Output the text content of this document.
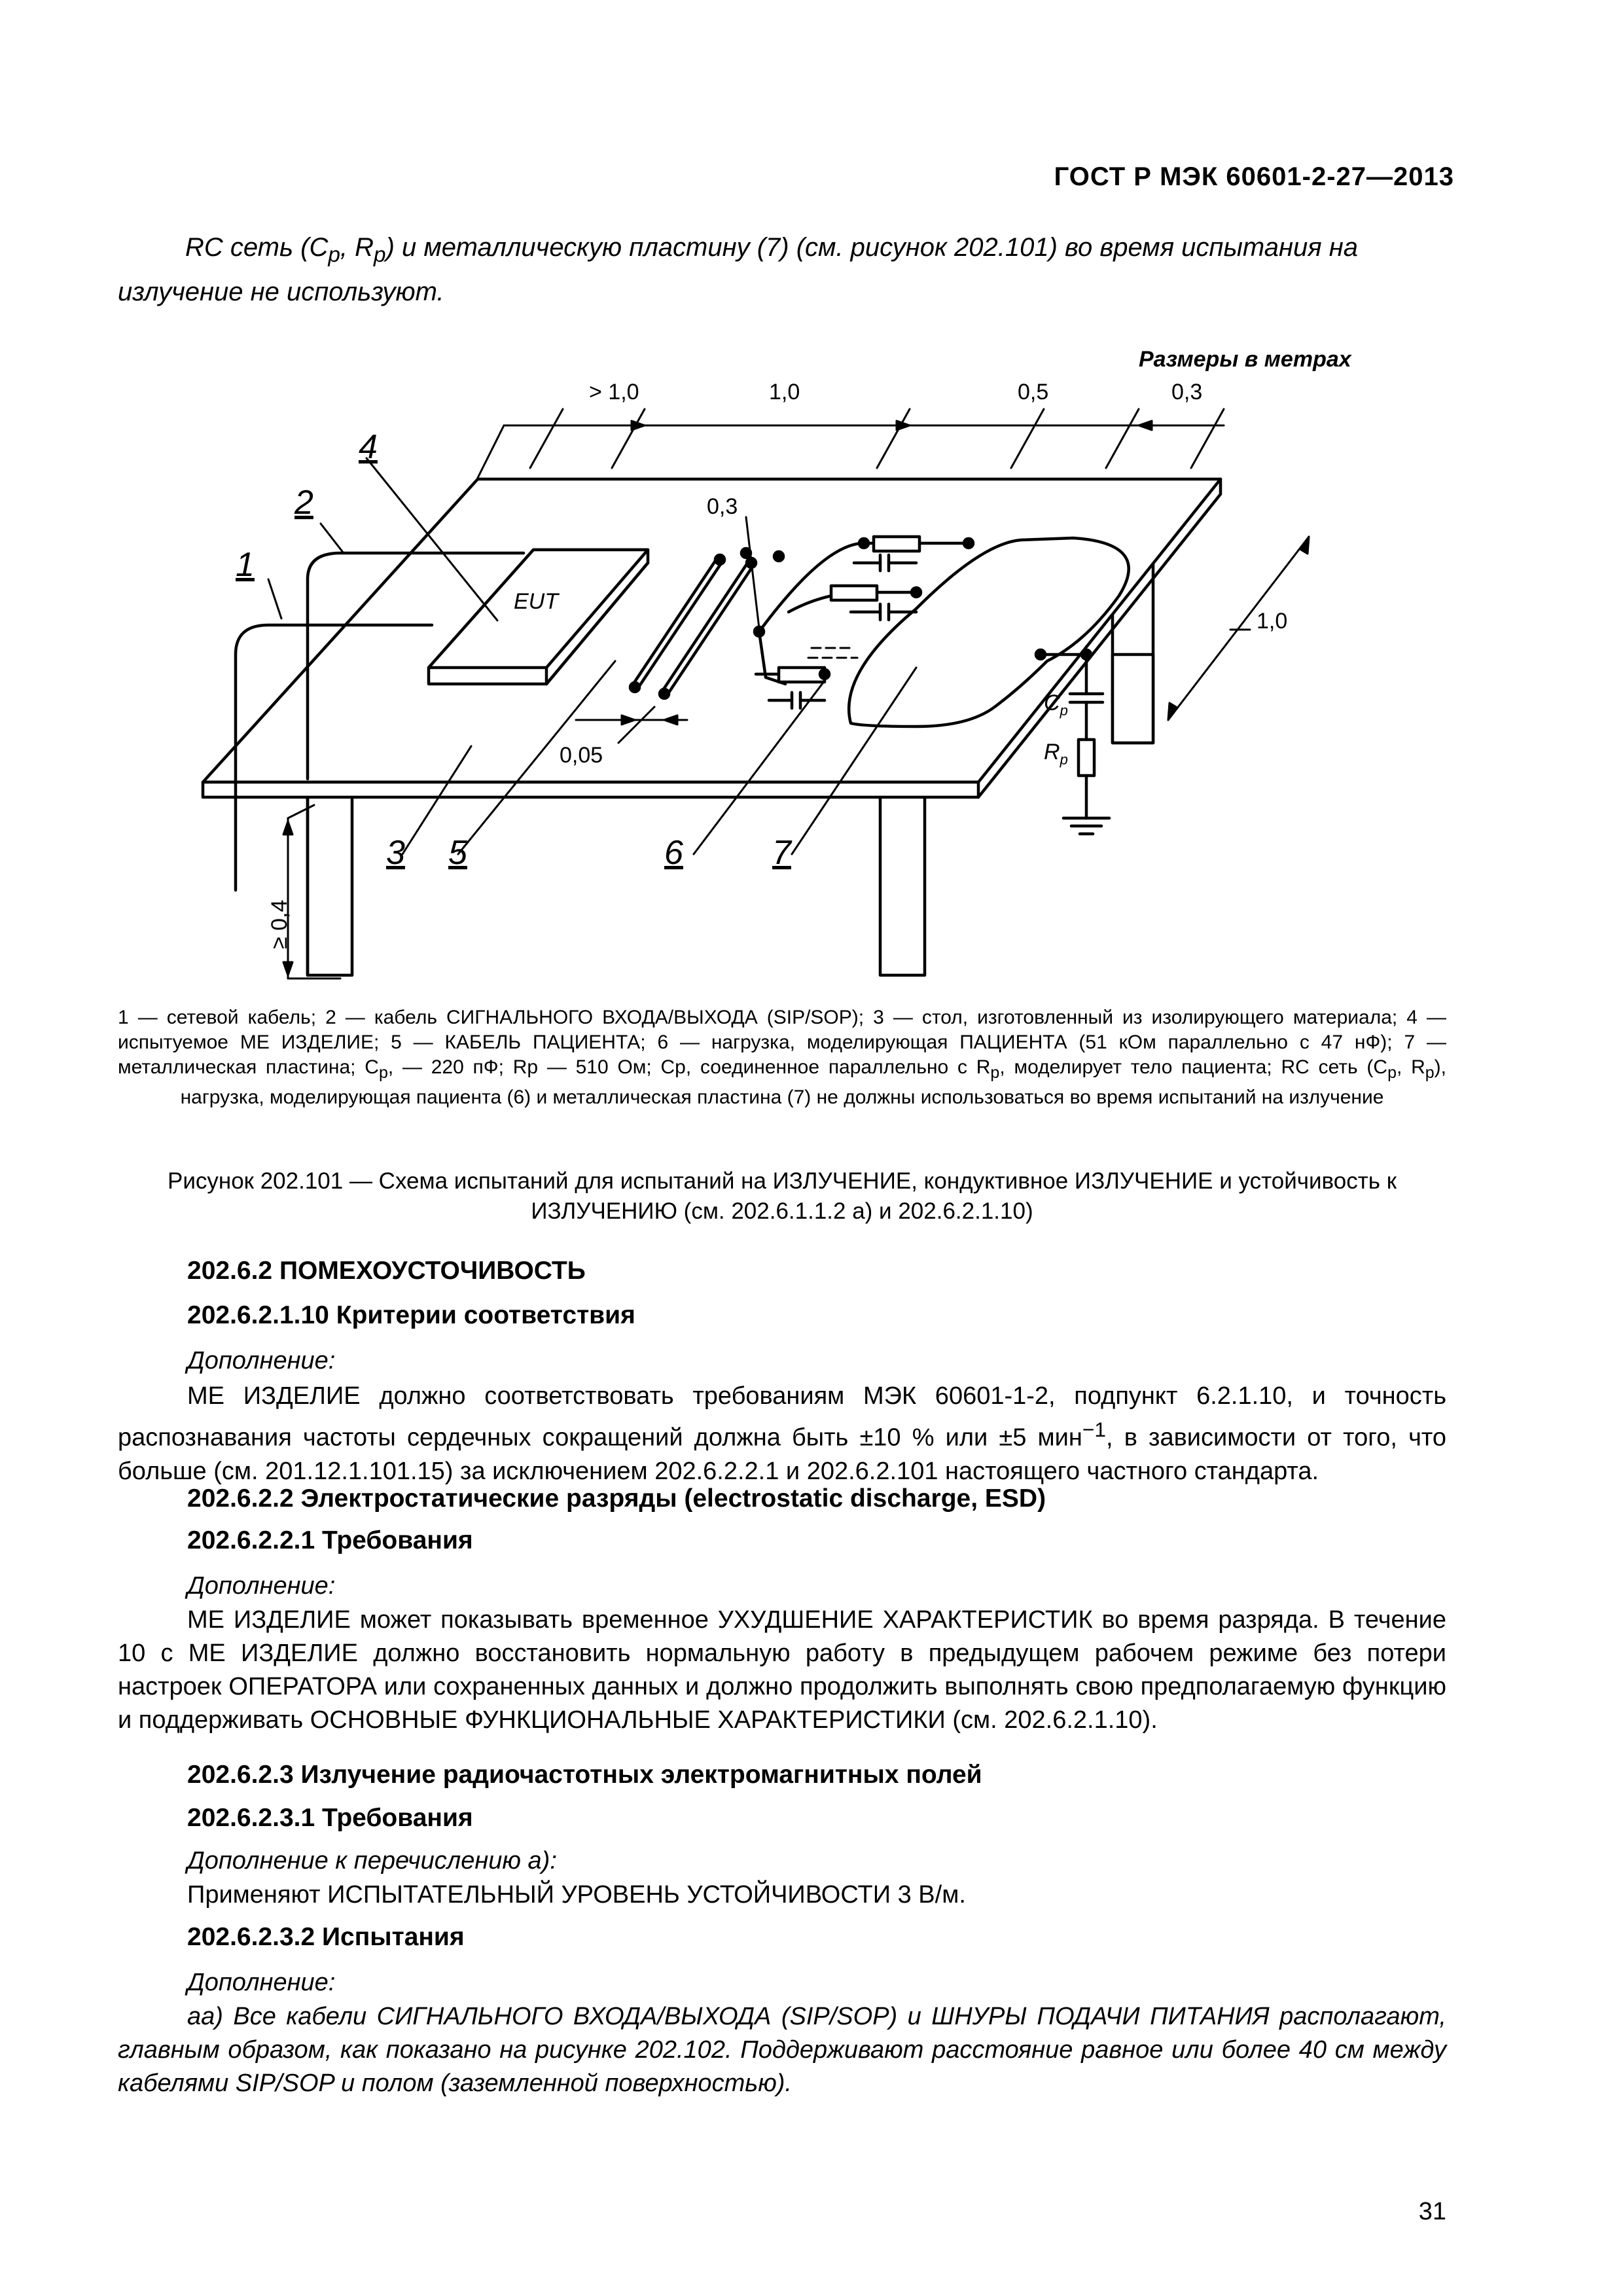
ГОСТ Р МЭК 60601-2-27—2013
RC сеть ($C_p$, $R_p$) и металлическую пластину (7) (см. рисунок 202.101) во время испытания на излучение не используют.
Размеры в метрах
> 1,0	1,0	0,5	0,3
1,0
0,3
0,05
≥ 0,4
EUT
$C_p$
$R_p$
1
2
3
4
5	6	7
1 — сетевой кабель; 2 — кабель СИГНАЛЬНОГО ВХОДА/ВЫХОДА (SIP/SOP); 3 — стол, изготовленный из изолирующего материала; 4 — испытуемое МЕ ИЗДЕЛИЕ; 5 — КАБЕЛЬ ПАЦИЕНТА; 6 — нагрузка, моделирующая ПАЦИЕНТА (51 кОм параллельно с 47 нФ); 7 — металлическая пластина; $C_p$, — 220 пФ; Rp — 510 Ом; Cp, соединенное параллельно с $R_p$, моделирует тело пациента; RC сеть ($C_p$, $R_p$), нагрузка, моделирующая пациента (6) и металлическая пластина (7) не должны использоваться во время испытаний на излучение
Рисунок 202.101 — Схема испытаний для испытаний на ИЗЛУЧЕНИЕ, кондуктивное ИЗЛУЧЕНИЕ и устойчивость к ИЗЛУЧЕНИЮ (см. 202.6.1.1.2 а) и 202.6.2.1.10)
202.6.2 ПОМЕХОУСТОЧИВОСТЬ
202.6.2.1.10 Критерии соответствия
Дополнение:
МЕ ИЗДЕЛИЕ должно соответствовать требованиям МЭК 60601-1-2, подпункт 6.2.1.10, и точность распознавания частоты сердечных сокращений должна быть ±10 % или ±5 мин$^{-1}$, в зависимости от того, что больше (см. 201.12.1.101.15) за исключением 202.6.2.2.1 и 202.6.2.101 настоящего частного стандарта.
202.6.2.2 Электростатические разряды (electrostatic discharge, ESD)
202.6.2.2.1 Требования
Дополнение:
МЕ ИЗДЕЛИЕ может показывать временное УХУДШЕНИЕ ХАРАКТЕРИСТИК во время разряда. В течение 10 с МЕ ИЗДЕЛИЕ должно восстановить нормальную работу в предыдущем рабочем режиме без потери настроек ОПЕРАТОРА или сохраненных данных и должно продолжить выполнять свою предполагаемую функцию и поддерживать ОСНОВНЫЕ ФУНКЦИОНАЛЬНЫЕ ХАРАКТЕРИСТИКИ (см. 202.6.2.1.10).
202.6.2.3 Излучение радиочастотных электромагнитных полей
202.6.2.3.1 Требования
Дополнение к перечислению а):
Применяют ИСПЫТАТЕЛЬНЫЙ УРОВЕНЬ УСТОЙЧИВОСТИ 3 В/м.
202.6.2.3.2 Испытания
Дополнение:
аа) Все кабели СИГНАЛЬНОГО ВХОДА/ВЫХОДА (SIP/SOP) и ШНУРЫ ПОДАЧИ ПИТАНИЯ располагают, главным образом, как показано на рисунке 202.102. Поддерживают расстояние равное или более 40 см между кабелями SIP/SOP и полом (заземленной поверхностью).
31
